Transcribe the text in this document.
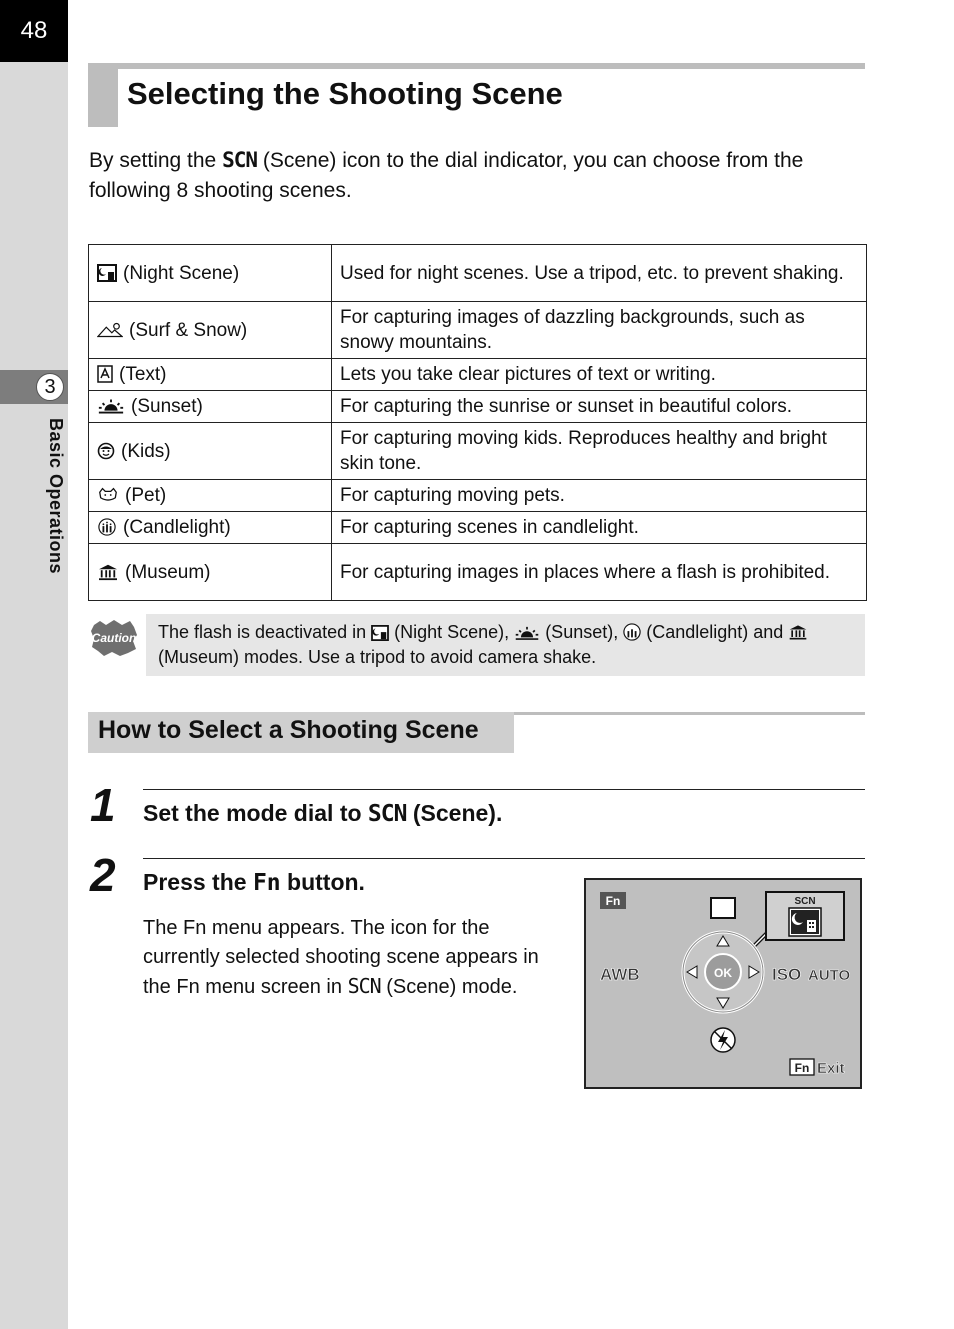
48
3
Basic Operations
Selecting the Shooting Scene
By setting the SCN (Scene) icon to the dial indicator, you can choose from the following 8 shooting scenes.
(Night Scene)	Used for night scenes. Use a tripod, etc. to prevent shaking.
(Surf & Snow)	For capturing images of dazzling backgrounds, such as snowy mountains.
(Text)	Lets you take clear pictures of text or writing.
(Sunset)	For capturing the sunrise or sunset in beautiful colors.
(Kids)	For capturing moving kids. Reproduces healthy and bright skin tone.
(Pet)	For capturing moving pets.
(Candlelight)	For capturing scenes in candlelight.
(Museum)	For capturing images in places where a flash is prohibited.
Caution The flash is deactivated in  (Night Scene),  (Sunset),  (Candlelight) and  (Museum) modes. Use a tripod to avoid camera shake.
How to Select a Shooting Scene
1 Set the mode dial to SCN (Scene).
2 Press the Fn button.
The Fn menu appears. The icon for the currently selected shooting scene appears in the Fn menu screen in SCN (Scene) mode.
Fn
OK
AWB	ISO AUTO
SCN
Fn Exit
